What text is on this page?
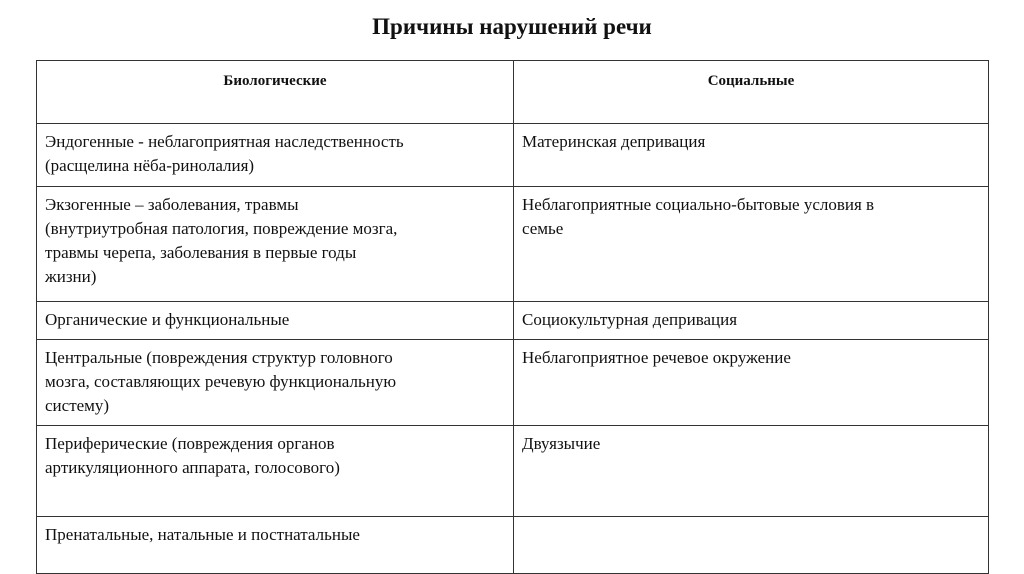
Причины нарушений речи
Биологические	Социальные

Эндогенные - неблагоприятная наследственность
(расщелина нёба-ринолалия)	Материнская депривация

Экзогенные – заболевания, травмы
(внутриутробная патология, повреждение мозга,
травмы черепа, заболевания в первые годы
жизни)	Неблагоприятные социально-бытовые условия в
семье

Органические и функциональные	Социокультурная депривация

Центральные (повреждения структур головного
мозга, составляющих речевую функциональную
систему)	Неблагоприятное речевое окружение

Периферические (повреждения органов
артикуляционного аппарата, голосового)	Двуязычие

Пренатальные, натальные и постнатальные	
